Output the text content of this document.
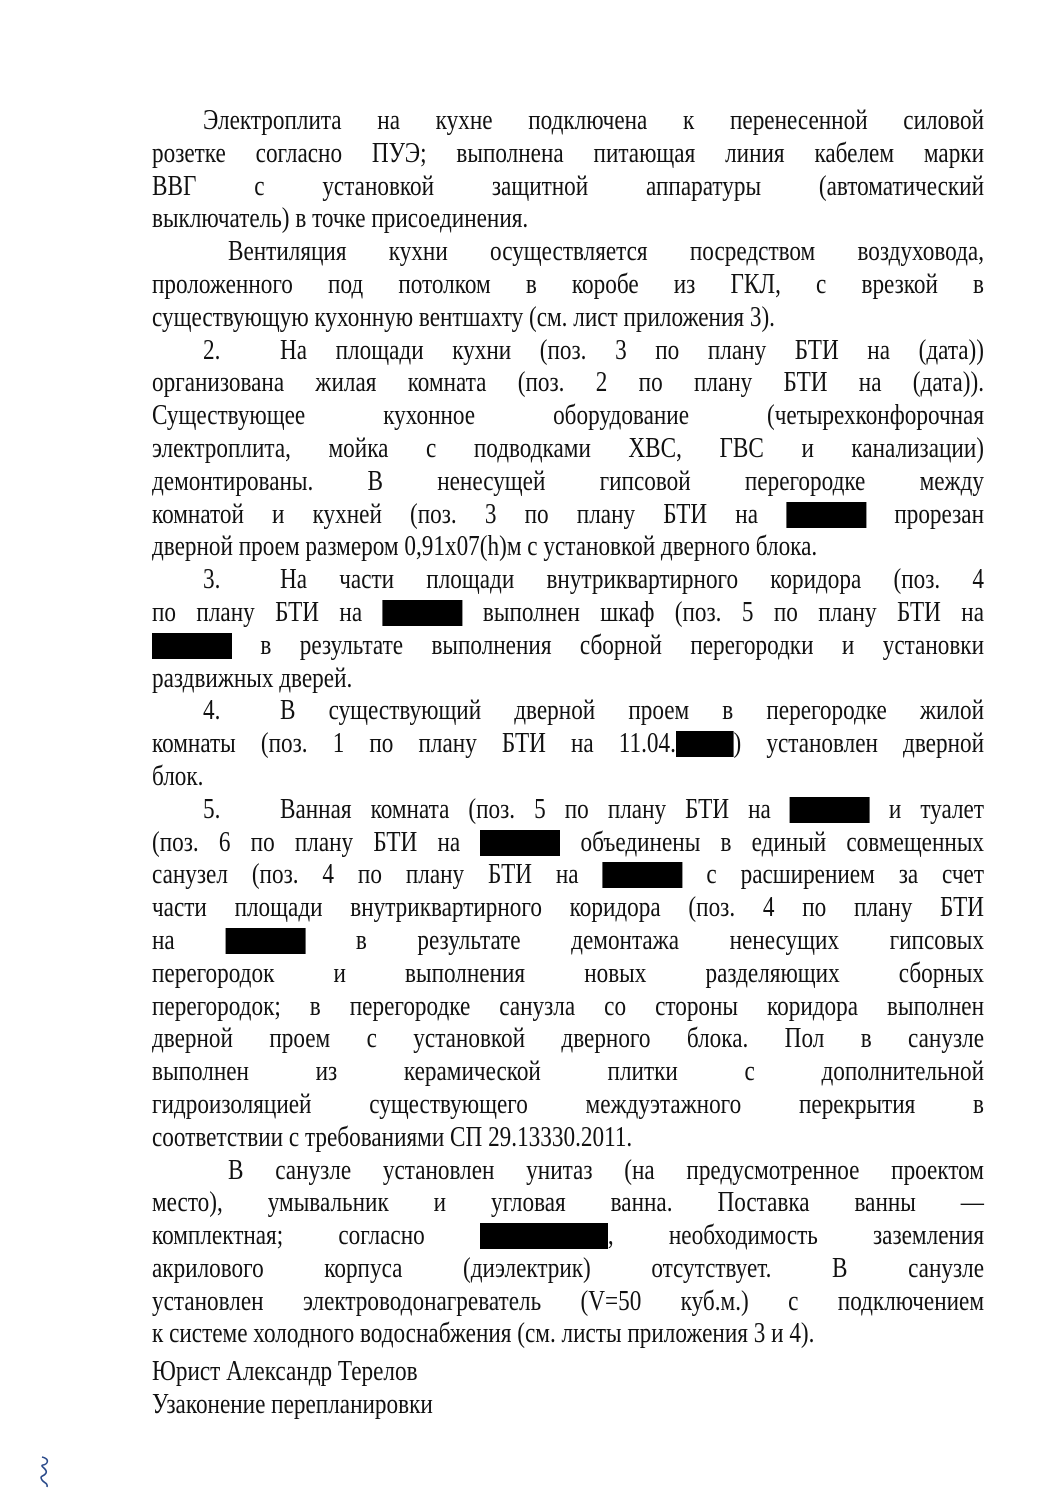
Электроплита на кухне подключена к перенесенной силовой
розетке согласно ПУЭ; выполнена питающая линия кабелем марки
ВВГ с установкой защитной аппаратуры (автоматический
выключатель) в точке присоединения.
Вентиляция кухни осуществляется посредством воздуховода,
проложенного под потолком в коробе из ГКЛ, с врезкой в
существующую кухонную вентшахту (см. лист приложения 3).
2.	На площади кухни (поз. 3 по плану БТИ на (дата))
организована жилая комната (поз. 2 по плану БТИ на (дата)).
Существующее кухонное оборудование (четырехконфорочная
электроплита, мойка с подводками ХВС, ГВС и канализации)
демонтированы. В ненесущей гипсовой перегородке между
комнатой и кухней (поз. 3 по плану БТИ на	прорезан
дверной проем размером 0,91х07(h)м с установкой дверного блока.
3.	На части площади внутриквартирного коридора (поз. 4
по плану БТИ на	выполнен шкаф (поз. 5 по плану БТИ на
в результате выполнения сборной перегородки и установки
раздвижных дверей.
4.	В существующий дверной проем в перегородке жилой
комнаты (поз. 1 по плану БТИ на 11.04. ) установлен дверной
блок.
5.	Ванная комната (поз. 5 по плану БТИ на	и туалет
(поз. 6 по плану БТИ на	объединены в единый совмещенных
санузел (поз. 4 по плану БТИ на	с расширением за счет
части площади внутриквартирного коридора (поз. 4 по плану БТИ
на	в результате демонтажа ненесущих гипсовых
перегородок и выполнения новых разделяющих сборных
перегородок; в перегородке санузла со стороны коридора выполнен
дверной проем с установкой дверного блока. Пол в санузле
выполнен из керамической плитки с дополнительной
гидроизоляцией существующего междуэтажного перекрытия в
соответствии с требованиями СП 29.13330.2011.
В санузле установлен унитаз (на предусмотренное проектом
место), умывальник и угловая ванна. Поставка ванны —
комплектная; согласно	, необходимость заземления
акрилового корпуса (диэлектрик) отсутствует. В санузле
установлен электроводонагреватель (V=50 куб.м.) с подключением
к системе холодного водоснабжения (см. листы приложения 3 и 4).
Юрист Александр Терелов
Узаконение перепланировки
